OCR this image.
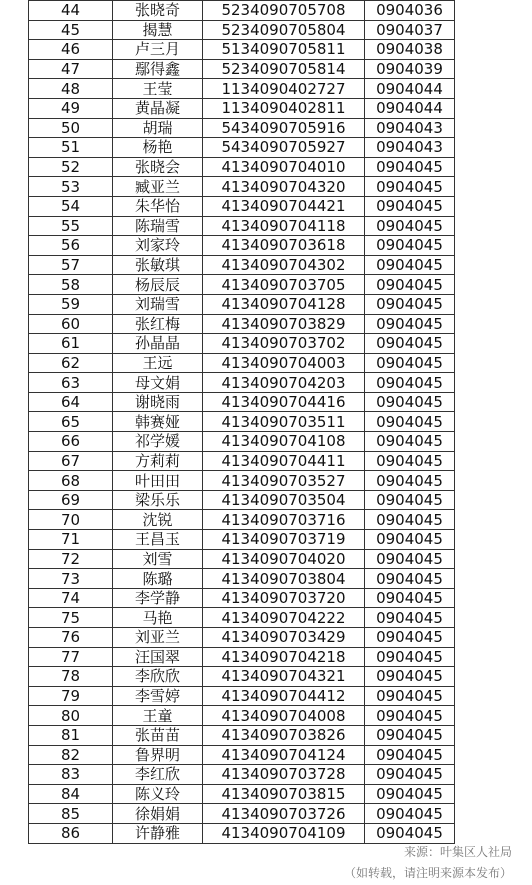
44	张晓奇	5234090705708	0904036
45	揭慧	5234090705804	0904037
46	卢三月	5134090705811	0904038
47	鄢得鑫	5234090705814	0904039
48	王莹	1134090402727	0904044
49	黄晶凝	1134090402811	0904044
50	胡瑞	5434090705916	0904043
51	杨艳	5434090705927	0904043
52	张晓会	4134090704010	0904045
53	臧亚兰	4134090704320	0904045
54	朱华怡	4134090704421	0904045
55	陈瑞雪	4134090704118	0904045
56	刘家玲	4134090703618	0904045
57	张敏琪	4134090704302	0904045
58	杨辰辰	4134090703705	0904045
59	刘瑞雪	4134090704128	0904045
60	张红梅	4134090703829	0904045
61	孙晶晶	4134090703702	0904045
62	王远	4134090704003	0904045
63	母文娟	4134090704203	0904045
64	谢晓雨	4134090704416	0904045
65	韩赛娅	4134090703511	0904045
66	祁学媛	4134090704108	0904045
67	方莉莉	4134090704411	0904045
68	叶田田	4134090703527	0904045
69	梁乐乐	4134090703504	0904045
70	沈锐	4134090703716	0904045
71	王昌玉	4134090703719	0904045
72	刘雪	4134090704020	0904045
73	陈璐	4134090703804	0904045
74	李学静	4134090703720	0904045
75	马艳	4134090704222	0904045
76	刘亚兰	4134090703429	0904045
77	汪国翠	4134090704218	0904045
78	李欣欣	4134090704321	0904045
79	李雪婷	4134090704412	0904045
80	王童	4134090704008	0904045
81	张苗苗	4134090703826	0904045
82	鲁界明	4134090704124	0904045
83	李红欣	4134090703728	0904045
84	陈义玲	4134090703815	0904045
85	徐娟娟	4134090703726	0904045
86	许静雅	4134090704109	0904045
来源：叶集区人社局
（如转载，请注明来源本发布）
